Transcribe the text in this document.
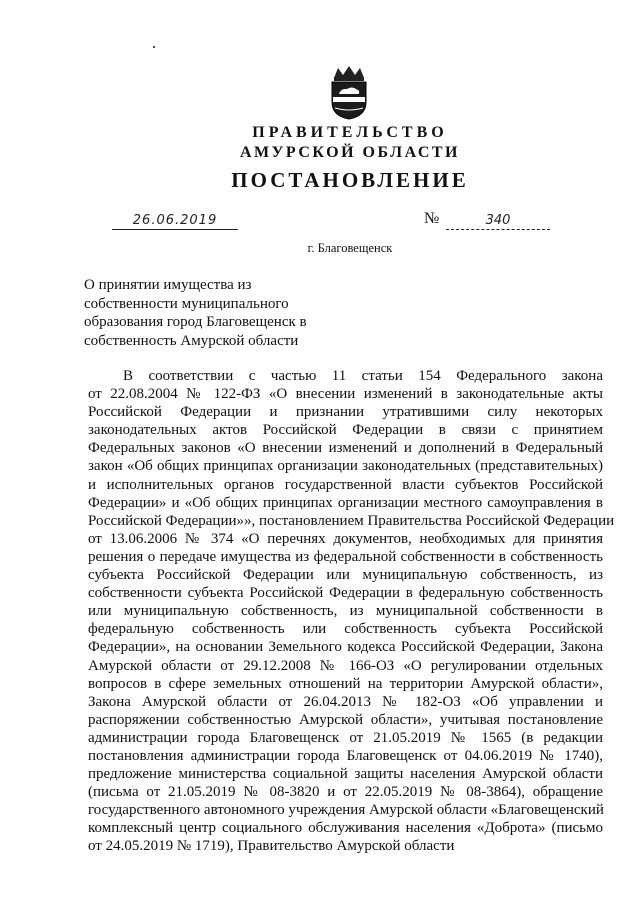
ПРАВИТЕЛЬСТВО
АМУРСКОЙ ОБЛАСТИ
ПОСТАНОВЛЕНИЕ
26.06.2019	№	340
г. Благовещенск
О принятии имущества из
собственности муниципального
образования город Благовещенск в
собственность Амурской области
В соответствии с частью 11 статьи 154 Федерального закона
от 22.08.2004 № 122-ФЗ «О внесении изменений в законодательные акты
Российской Федерации и признании утратившими силу некоторых
законодательных актов Российской Федерации в связи с принятием
Федеральных законов «О внесении изменений и дополнений в Федеральный
закон «Об общих принципах организации законодательных (представительных)
и исполнительных органов государственной власти субъектов Российской
Федерации» и «Об общих принципах организации местного самоуправления в
Российской Федерации»», постановлением Правительства Российской Федерации
от 13.06.2006 № 374 «О перечнях документов, необходимых для принятия
решения о передаче имущества из федеральной собственности в собственность
субъекта Российской Федерации или муниципальную собственность, из
собственности субъекта Российской Федерации в федеральную собственность
или муниципальную собственность, из муниципальной собственности в
федеральную собственность или собственность субъекта Российской
Федерации», на основании Земельного кодекса Российской Федерации, Закона
Амурской области от 29.12.2008 № 166-ОЗ «О регулировании отдельных
вопросов в сфере земельных отношений на территории Амурской области»,
Закона Амурской области от 26.04.2013 № 182-ОЗ «Об управлении и
распоряжении собственностью Амурской области», учитывая постановление
администрации города Благовещенск от 21.05.2019 № 1565 (в редакции
постановления администрации города Благовещенск от 04.06.2019 № 1740),
предложение министерства социальной защиты населения Амурской области
(письма от 21.05.2019 № 08-3820 и от 22.05.2019 № 08-3864), обращение
государственного автономного учреждения Амурской области «Благовещенский
комплексный центр социального обслуживания населения «Доброта» (письмо
от 24.05.2019 № 1719), Правительство Амурской области
